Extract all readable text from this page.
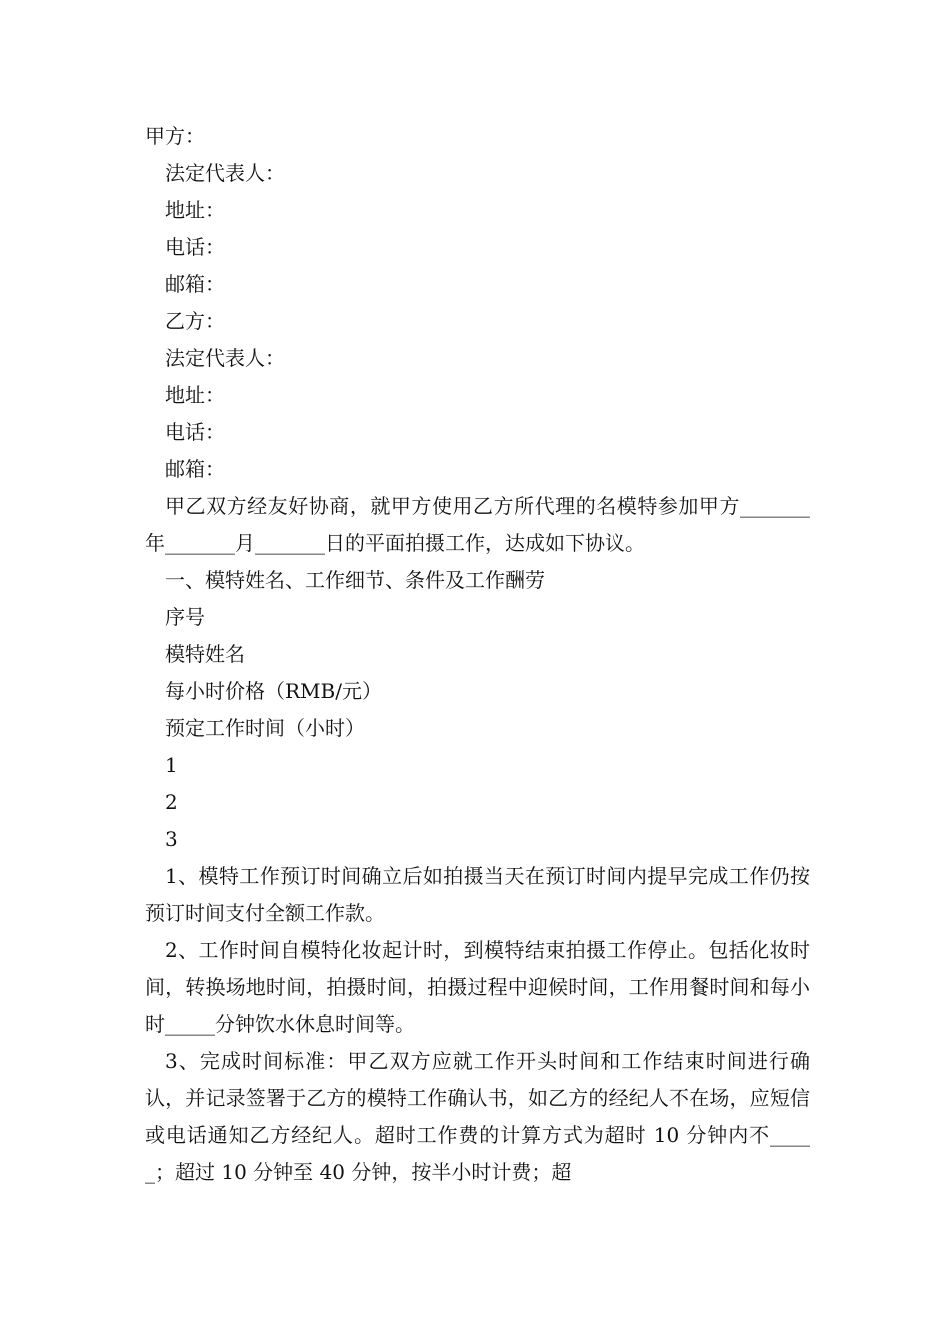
甲方：
法定代表人：
地址：
电话：
邮箱：
乙方：
法定代表人：
地址：
电话：
邮箱：

甲乙双方经友好协商，就甲方使用乙方所代理的名模特参加甲方_______年_______月_______日的平面拍摄工作，达成如下协议。

一、模特姓名、工作细节、条件及工作酬劳
序号
模特姓名
每小时价格（RMB/元）
预定工作时间（小时）
1
2
3

1、模特工作预订时间确立后如拍摄当天在预订时间内提早完成工作仍按预订时间支付全额工作款。

2、工作时间自模特化妆起计时，到模特结束拍摄工作停止。包括化妆时间，转换场地时间，拍摄时间，拍摄过程中迎候时间，工作用餐时间和每小时_____分钟饮水休息时间等。

3、完成时间标准：甲乙双方应就工作开头时间和工作结束时间进行确认，并记录签署于乙方的模特工作确认书，如乙方的经纪人不在场，应短信或电话通知乙方经纪人。超时工作费的计算方式为超时 10 分钟内不_____；超过 10 分钟至 40 分钟，按半小时计费；超
